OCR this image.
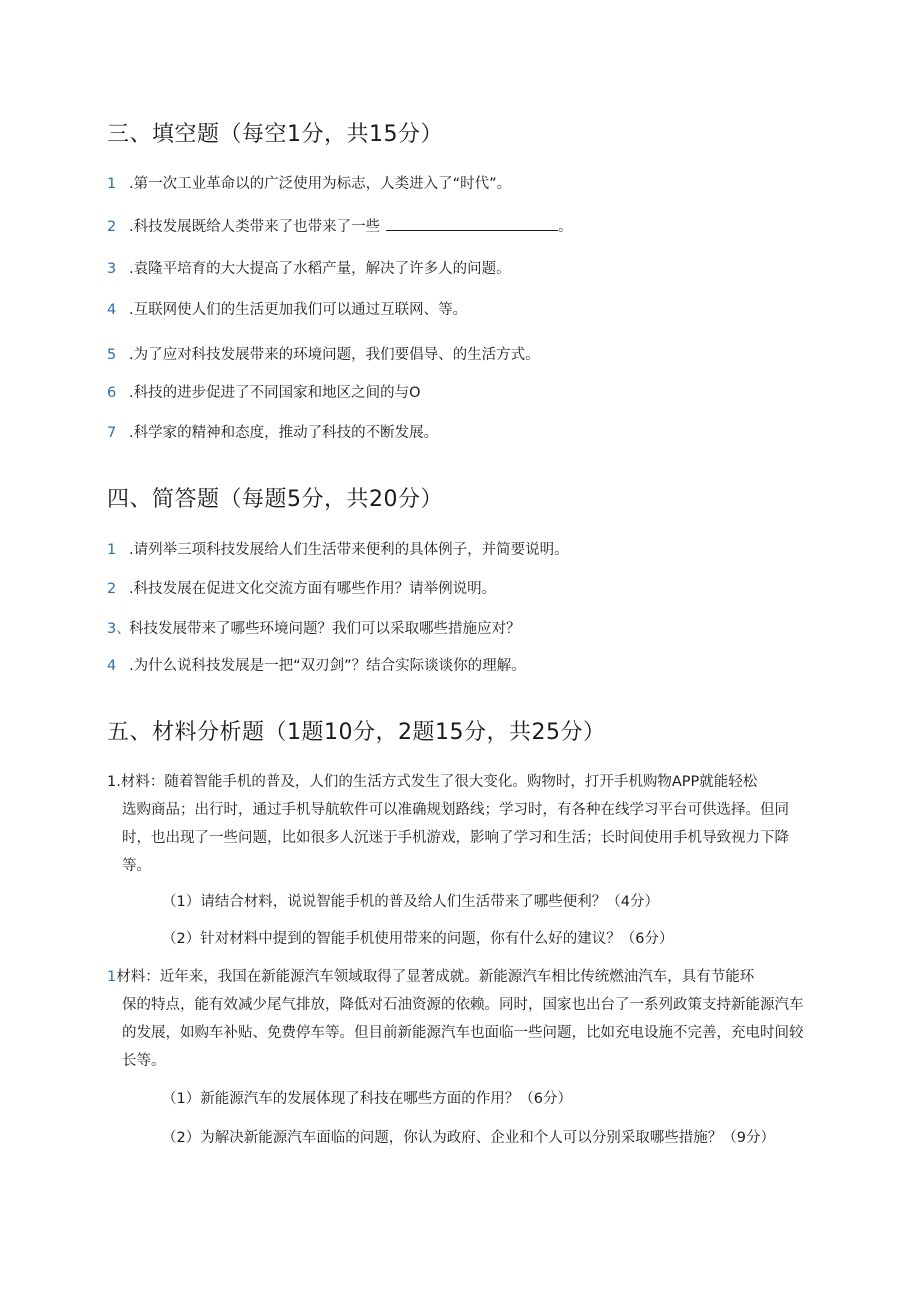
三、填空题（每空1分，共15分）
1 .第一次工业革命以的广泛使用为标志，人类进入了“时代”。
2 .科技发展既给人类带来了也带来了一些	。
3 .袁隆平培育的大大提高了水稻产量，解决了许多人的问题。
4 .互联网使人们的生活更加我们可以通过互联网、等。
5 .为了应对科技发展带来的环境问题，我们要倡导、的生活方式。
6 .科技的进步促进了不同国家和地区之间的与O
7 .科学家的精神和态度，推动了科技的不断发展。
四、简答题（每题5分，共20分）
1 .请列举三项科技发展给人们生活带来便利的具体例子，并简要说明。
2 .科技发展在促进文化交流方面有哪些作用？请举例说明。
3、科技发展带来了哪些环境问题？我们可以采取哪些措施应对？
4 .为什么说科技发展是一把“双刃剑”？结合实际谈谈你的理解。
五、材料分析题（1题10分，2题15分，共25分）
1.材料：随着智能手机的普及，人们的生活方式发生了很大变化。购物时，打开手机购物APP就能轻松
选购商品；出行时，通过手机导航软件可以准确规划路线；学习时，有各种在线学习平台可供选择。但同时，也出现了一些问题，比如很多人沉迷于手机游戏，影响了学习和生活；长时间使用手机导致视力下降等。
（1）请结合材料，说说智能手机的普及给人们生活带来了哪些便利？（4分）
（2）针对材料中提到的智能手机使用带来的问题，你有什么好的建议？（6分）
1材料：近年来，我国在新能源汽车领域取得了显著成就。新能源汽车相比传统燃油汽车，具有节能环
保的特点，能有效减少尾气排放，降低对石油资源的依赖。同时，国家也出台了一系列政策支持新能源汽车的发展，如购车补贴、免费停车等。但目前新能源汽车也面临一些问题，比如充电设施不完善，充电时间较长等。
（1）新能源汽车的发展体现了科技在哪些方面的作用？（6分）
（2）为解决新能源汽车面临的问题，你认为政府、企业和个人可以分别采取哪些措施？（9分）
